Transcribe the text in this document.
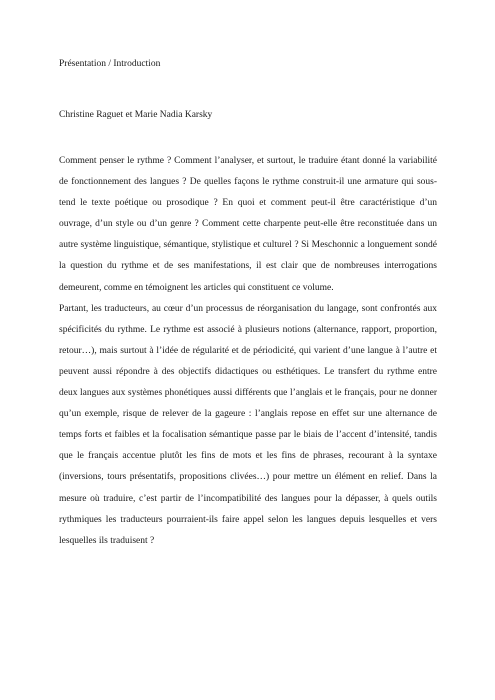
Présentation / Introduction
Christine Raguet et Marie Nadia Karsky

Comment penser le rythme ? Comment l’analyser, et surtout, le traduire étant donné la variabilité de fonctionnement des langues ? De quelles façons le rythme construit-il une armature qui sous-tend le texte poétique ou prosodique ? En quoi et comment peut-il être caractéristique d’un ouvrage, d’un style ou d’un genre ? Comment cette charpente peut-elle être reconstituée dans un autre système linguistique, sémantique, stylistique et culturel ? Si Meschonnic a longuement sondé la question du rythme et de ses manifestations, il est clair que de nombreuses interrogations demeurent, comme en témoignent les articles qui constituent ce volume.

Partant, les traducteurs, au cœur d’un processus de réorganisation du langage, sont confrontés aux spécificités du rythme. Le rythme est associé à plusieurs notions (alternance, rapport, proportion, retour…), mais surtout à l’idée de régularité et de périodicité, qui varient d’une langue à l’autre et peuvent aussi répondre à des objectifs didactiques ou esthétiques. Le transfert du rythme entre deux langues aux systèmes phonétiques aussi différents que l’anglais et le français, pour ne donner qu’un exemple, risque de relever de la gageure : l’anglais repose en effet sur une alternance de temps forts et faibles et la focalisation sémantique passe par le biais de l’accent d’intensité, tandis que le français accentue plutôt les fins de mots et les fins de phrases, recourant à la syntaxe (inversions, tours présentatifs, propositions clivées…) pour mettre un élément en relief. Dans la mesure où traduire, c’est partir de l’incompatibilité des langues pour la dépasser, à quels outils rythmiques les traducteurs pourraient-ils faire appel selon les langues depuis lesquelles et vers lesquelles ils traduisent ?
